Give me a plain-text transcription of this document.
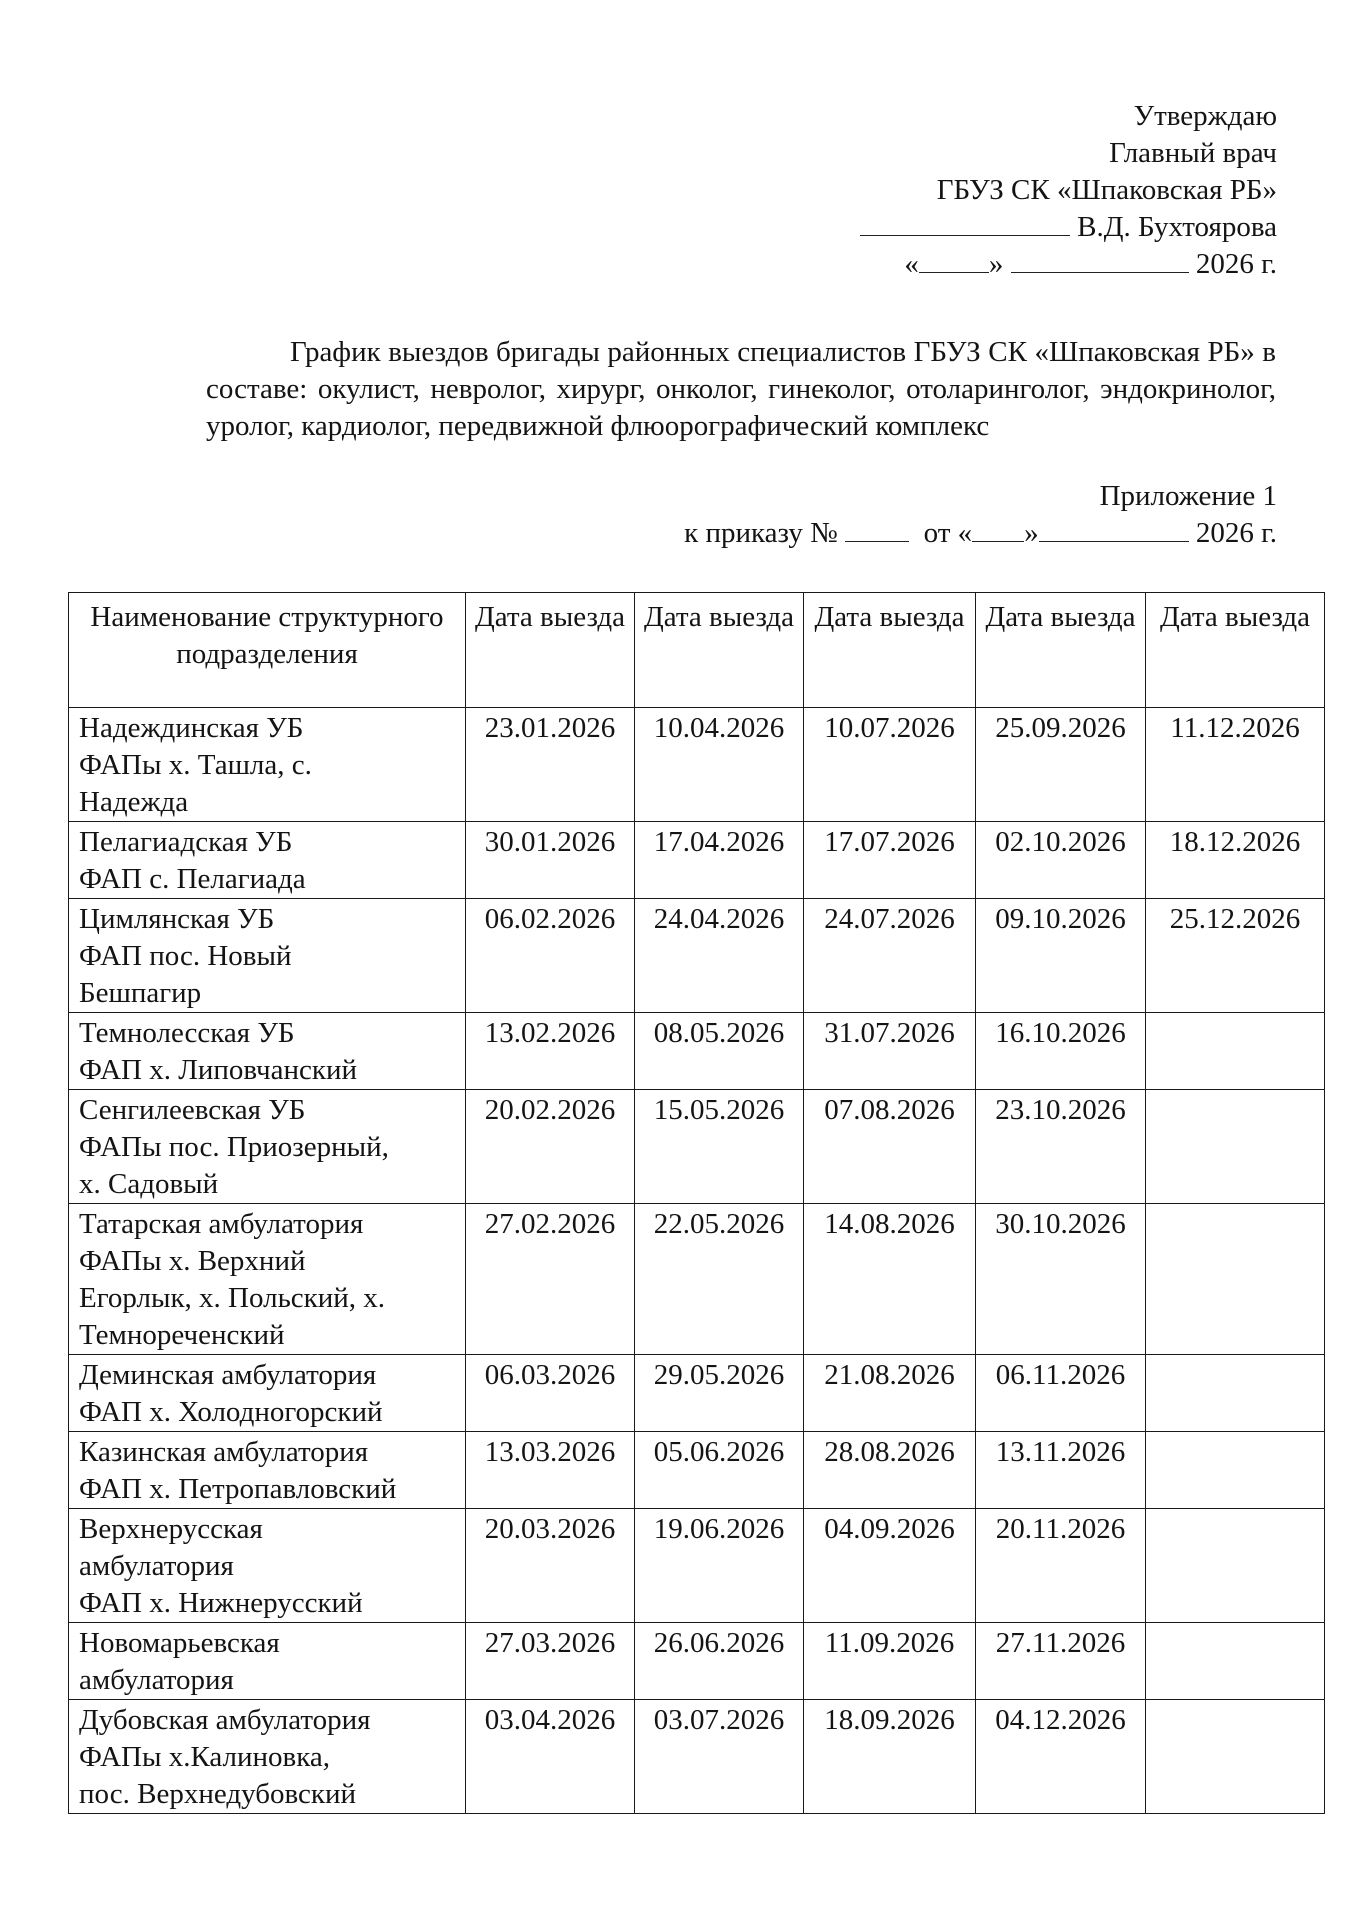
Утверждаю
Главный врач
ГБУЗ СК «Шпаковская РБ»
В.Д. Бухтоярова
« »	2026 г.
График выездов бригады районных специалистов ГБУЗ СК «Шпаковская РБ» в составе: окулист, невролог, хирург, онколог, гинеколог, отоларинголог, эндокринолог, уролог, кардиолог, передвижной флюорографический комплекс
Приложение 1
к приказу №	от « »	2026 г.
Наименование структурного подразделения	Дата выезда	Дата выезда	Дата выезда	Дата выезда	Дата выезда

Надеждинская УБ
ФАПы х. Ташла, с.
Надежда	23.01.2026	10.04.2026	10.07.2026	25.09.2026	11.12.2026

Пелагиадская УБ
ФАП с. Пелагиада	30.01.2026	17.04.2026	17.07.2026	02.10.2026	18.12.2026

Цимлянская УБ
ФАП пос. Новый
Бешпагир	06.02.2026	24.04.2026	24.07.2026	09.10.2026	25.12.2026

Темнолесская УБ
ФАП х. Липовчанский	13.02.2026	08.05.2026	31.07.2026	16.10.2026	

Сенгилеевская УБ
ФАПы пос. Приозерный,
х. Садовый	20.02.2026	15.05.2026	07.08.2026	23.10.2026	

Татарская амбулатория
ФАПы х. Верхний
Егорлык, х. Польский, х.
Темнореченский	27.02.2026	22.05.2026	14.08.2026	30.10.2026	

Деминская амбулатория
ФАП х. Холодногорский	06.03.2026	29.05.2026	21.08.2026	06.11.2026	

Казинская амбулатория
ФАП х. Петропавловский	13.03.2026	05.06.2026	28.08.2026	13.11.2026	

Верхнерусская
амбулатория
ФАП х. Нижнерусский	20.03.2026	19.06.2026	04.09.2026	20.11.2026	

Новомарьевская
амбулатория	27.03.2026	26.06.2026	11.09.2026	27.11.2026	

Дубовская амбулатория
ФАПы х.Калиновка,
пос. Верхнедубовский	03.04.2026	03.07.2026	18.09.2026	04.12.2026	
